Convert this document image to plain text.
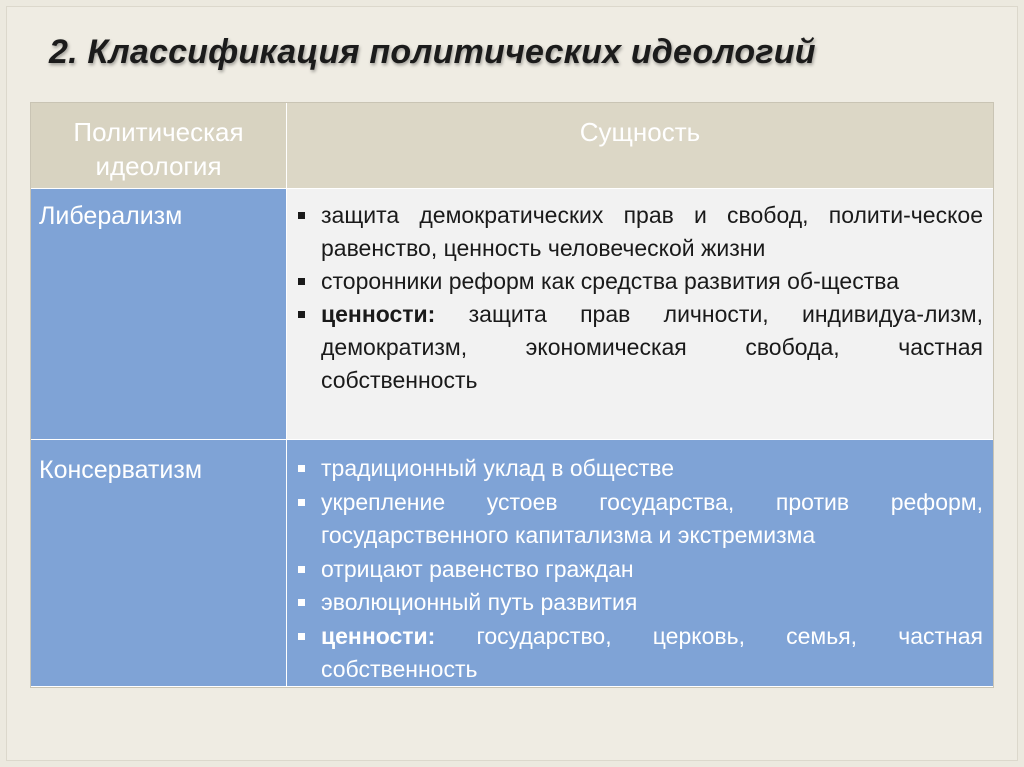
2. Классификация политических идеологий
Политическая идеология
Сущность
Либерализм	защита демократических прав и свобод, полити-ческое равенство, ценность человеческой жизни
сторонники реформ как средства развития об-щества
ценности: защита прав личности, индивидуа-лизм, демократизм, экономическая свобода, частная собственность
Консерватизм	традиционный уклад в обществе
укрепление устоев государства, против реформ, государственного капитализма и экстремизма
отрицают равенство граждан
эволюционный путь развития
ценности: государство, церковь, семья, частная собственность
